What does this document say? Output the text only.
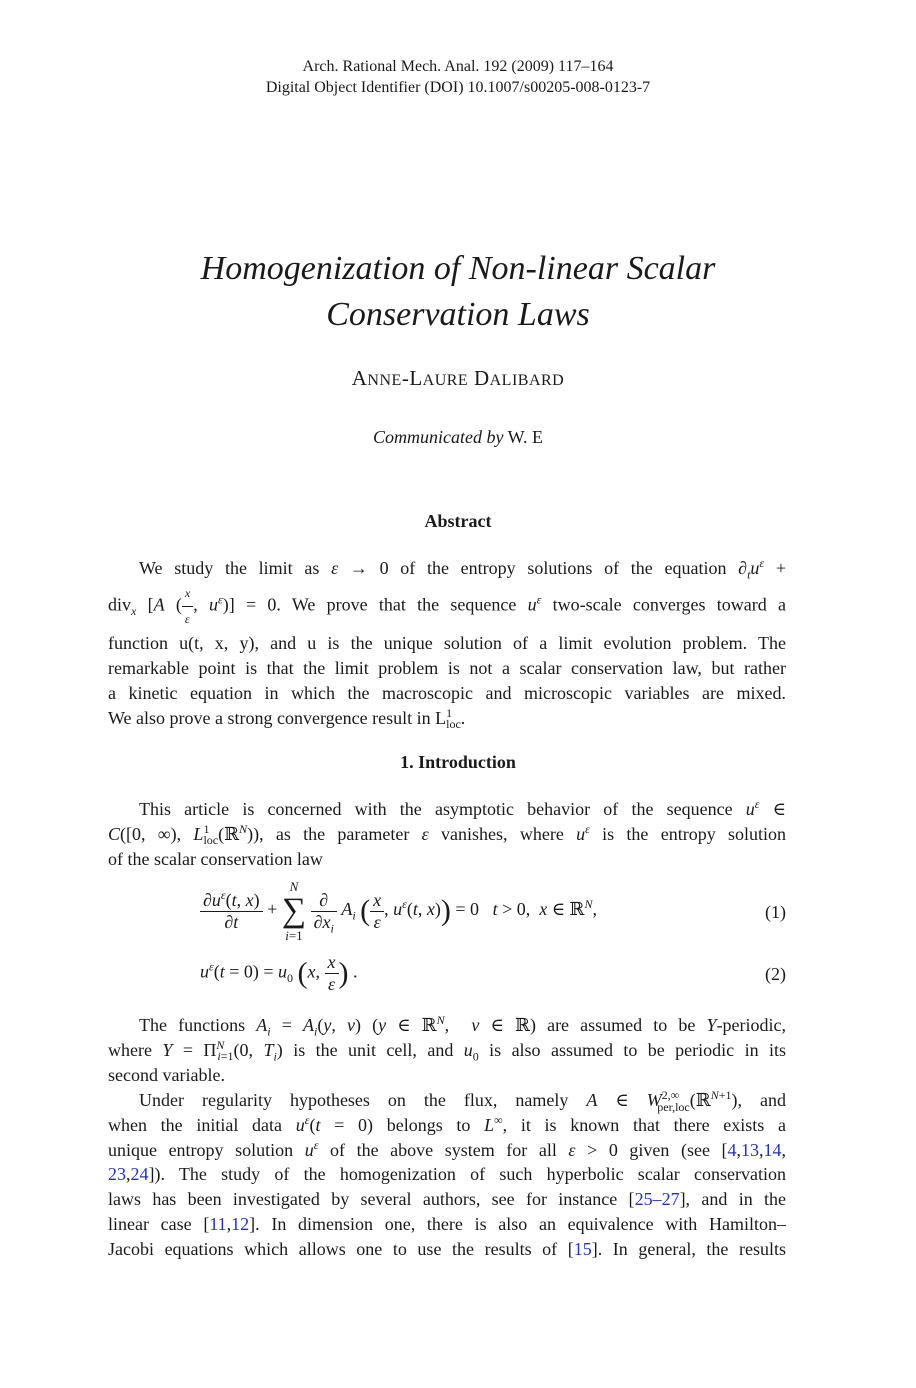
Arch. Rational Mech. Anal. 192 (2009) 117–164
Digital Object Identifier (DOI) 10.1007/s00205-008-0123-7
Homogenization of Non-linear Scalar
Conservation Laws
ANNE-LAURE DALIBARD
Communicated by W. E
Abstract
We study the limit as ε → 0 of the entropy solutions of the equation $\partial_tu^\varepsilon$ +
div$_x$ [A ( $\frac{x}{\varepsilon}$ , $u^\varepsilon)] = 0$. We prove that the sequence $u^\varepsilon$ two-scale converges toward a
function u(t, x, y), and u is the unique solution of a limit evolution problem. The
remarkable point is that the limit problem is not a scalar conservation law, but rather
a kinetic equation in which the macroscopic and microscopic variables are mixed.
We also prove a strong convergence result in $L^1_{loc}$.
1. Introduction
This article is concerned with the asymptotic behavior of the sequence $u^\varepsilon$ ∈
C([0, ∞), $L^1_{loc}(ℝ^N)$), as the parameter ε vanishes, where $u^\varepsilon$ is the entropy solution
of the scalar conservation law
$\frac{\partial u^\varepsilon(t, x)}{\partial t}$ +
N
∑
i=1

$\frac{\partial}{\partial x_i} A_i$ ( $\frac{x}{\varepsilon}$ , $u^\varepsilon(t$, x)) = 0   t > 0,  x ∈ ℝ$^N$,	(1)
$u^\varepsilon(t = 0) = u_0$ (x, $\frac{x}{\varepsilon}$ ) .	(2)
The functions $A_i = A_i(y$, v) (y ∈ ℝ$^N$,  v ∈ ℝ) are assumed to be Y-periodic,
where $Y = \Pi^N_{i=1}(0$, $T_i$) is the unit cell, and $u_0$ is also assumed to be periodic in its
second variable.
Under regularity hypotheses on the flux, namely A ∈ $W^{2,\infty}_{per,loc}(ℝ^{N+1})$, and
when the initial data $u^\varepsilon(t = 0)$ belongs to L∞, it is known that there exists a
unique entropy solution $u^\varepsilon$ of the above system for all ε > 0 given (see [4,13,14,
23,24]). The study of the homogenization of such hyperbolic scalar conservation
laws has been investigated by several authors, see for instance [25–27], and in the
linear case [11,12]. In dimension one, there is also an equivalence with Hamilton–
Jacobi equations which allows one to use the results of [15]. In general, the results
